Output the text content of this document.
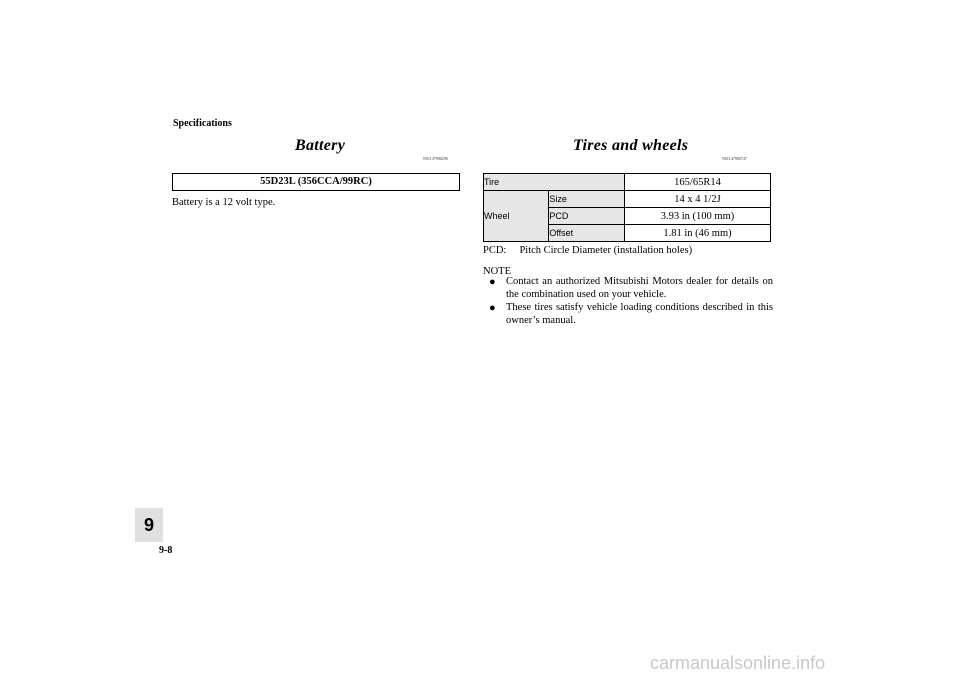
Specifications
Battery
N01147900296
Tires and wheels
N01147900747
55D23L (356CCA/99RC)
Battery is a 12 volt type.
Tire		165/65R14
Wheel	Size	14 x 4 1/2J
	PCD	3.93 in (100 mm)
	Offset	1.81 in (46 mm)
PCD:     Pitch Circle Diameter (installation holes)
NOTE
● Contact an authorized Mitsubishi Motors dealer for details on the combination used on your vehicle.
● These tires satisfy vehicle loading conditions described in this owner’s manual.
9
9-8
carmanualsonline.info
